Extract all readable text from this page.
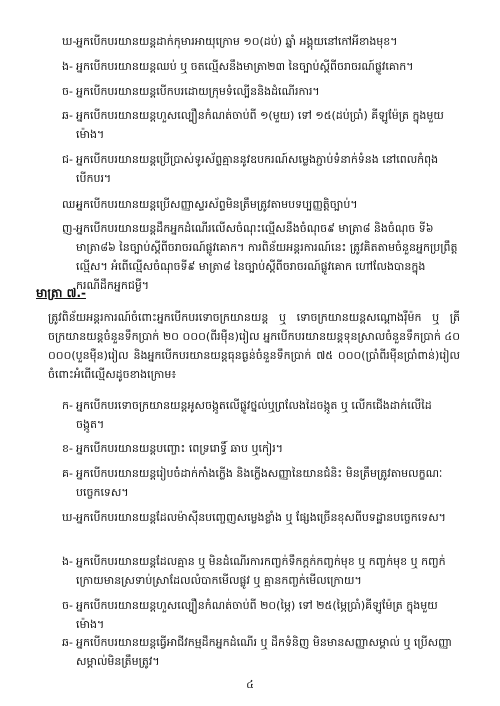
ឃ- អ្នកបើកបរយានយន្តដាក់កុមារអាយុក្រោម ១០(ដប់) ឆ្នាំ អង្គុយនៅកៅអីខាងមុខ។
ង- អ្នកបើកបរយានយន្តឈប់ ឬ ចតល្មើសនឹងមាត្រា២៣ នៃច្បាប់ស្តីពីចរាចរណ៍ផ្លូវគោក។
ច- អ្នកបើកបរយានយន្តបើកបរដោយក្រុមទំល្បើននិងដំណើរការ។
ឆ- អ្នកបើកបរយានយន្តហួសល្បឿនកំណត់ចាប់ពី ១(មួយ) ទៅ ១៥(ដប់ប្រាំ) គីឡូម៉ែត្រ ក្នុងមួយម៉ោង។
ជ- អ្នកបើកបរយានយន្តប្រើប្រាស់ទូរស័ព្ទគ្មាននូវឧបករណ៍សម្លេងភ្ជាប់ទំនាក់ទំនង នៅពេលកំពុងបើកបរ។
ឈ-
អ្នកបើកបរយានយន្តប្រើសញ្ញាស្ទរស័ព្ទមិនត្រឹមត្រូវតាមបទប្បញ្ញត្តិច្បាប់។
ញ- អ្នកបើកបរយានយន្តដឹកអ្នកដំណើរលើសចំណុះល្មើសនឹងចំណុច៩ មាត្រា៨ និងចំណុច ទី៦ មាត្រា៨៦ នៃច្បាប់ស្តីពីចរាចរណ៍ផ្លូវគោក។ ការពិន័យអន្តរការណ៍នេះ ត្រូវគិតតាមចំនួនអ្នកប្រព្រឹត្តល្មើស។ អំពើល្មើសចំណុចទី៩ មាត្រា៨ នៃច្បាប់ស្តីពីចរាចរណ៍ផ្លូវគោក ហៅលែងបានក្នុងករណីដឹកអ្នកជម្ងឺ។
មាត្រា ៧.-
ត្រូវពិន័យអន្តរការណ៍ចំពោះអ្នកបើកបរទោចក្រយានយន្ត ឬ ទោចក្រយានយន្តសណ្តោងរ៉ឺម៉ក ឬ ត្រីចក្រយានយន្តចំនួនទឹកប្រាក់ ២០ ០០០(ពីរម៉ឺន)រៀល អ្នកបើកបរយានយន្តទុនស្រាលចំនួនទឹកប្រាក់ ៤០ ០០០(បួនម៉ឺន)រៀល និងអ្នកបើកបរយានយន្តធុនធ្ងន់ចំនួនទឹកប្រាក់ ៧៥ ០០០(ប្រាំពីរម៉ឺនប្រាំពាន់)រៀល ចំពោះអំពើល្មើសដូចខាងក្រោម៖
ក- អ្នកបើកបរទោចក្រយានយន្តអូសចង្កូតលើផ្លូវថ្នល់ឬព្រលែងដៃចង្កូត ឬ លើកជើងដាក់លើដៃចង្កូត។
ខ- អ្នកបើកបរយានយន្តបញ្ចោះ ពេទ្ររោទ្ធិ៍ ឆាប ឬកៀរ។
គ- អ្នកបើកបរយានយន្តរៀបចំដាក់កាំងក្លើង និងក្លើងសញ្ញានៃយានជំនិះ មិនត្រឹមត្រូវតាមលក្ខណៈបច្ចេកទេស។
ឃ- អ្នកបើកបរយានយន្តដែលម៉ាស៊ីនបញ្ចេញសម្លេងខ្លាំង ឬ ផ្សែងច្រើនខុសពីបទដ្ឋានបច្ចេកទេស។
ង- អ្នកបើកបរយានយន្តដែលគ្មាន ឬ មិនដំណើរការកញ្ចក់ទឹកក្ដក់កញ្ចក់មុខ ឬ កញ្ចក់មុខ ឬ កញ្ចក់ក្រោយមានស្រទាប់ស្រាដែលលំបាកមើលផ្លូវ ឬ គ្មានកញ្ចក់មើលក្រោយ។
ច- អ្នកបើកបរយានយន្តហួសល្បឿនកំណត់ចាប់ពី ២០(ម្ភៃ) ទៅ ២៥(ម្ភៃប្រាំ)គីឡូម៉ែត្រ ក្នុងមួយម៉ោង។
ឆ- អ្នកបើកបរយានយន្តធ្វើអាជីវកម្មដឹកអ្នកដំណើរ ឬ ដឹកទំនិញ មិនមានសញ្ញាសម្គាល់ ឬ ប្រើសញ្ញាសម្គាល់មិនត្រឹមត្រូវ។
៤
